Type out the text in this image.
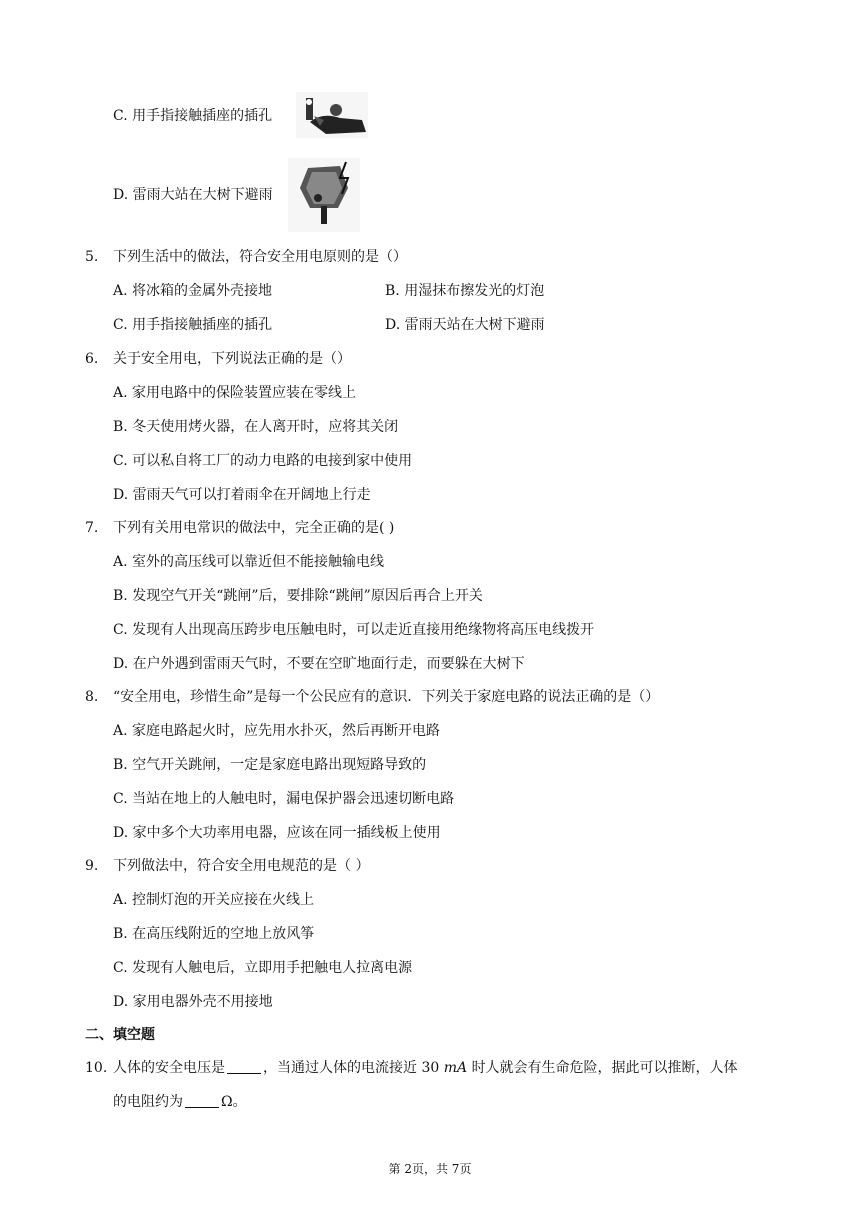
C. 用手指接触插座的插孔
D. 雷雨大站在大树下避雨
5. 下列生活中的做法，符合安全用电原则的是（）
A. 将冰箱的金属外壳接地	B. 用湿抹布擦发光的灯泡
C. 用手指接触插座的插孔	D. 雷雨天站在大树下避雨
6. 关于安全用电，下列说法正确的是（）
A. 家用电路中的保险装置应装在零线上
B. 冬天使用烤火器，在人离开时，应将其关闭
C. 可以私自将工厂的动力电路的电接到家中使用
D. 雷雨天气可以打着雨伞在开阔地上行走
7. 下列有关用电常识的做法中，完全正确的是( )
A. 室外的高压线可以靠近但不能接触输电线
B. 发现空气开关“跳闸”后，要排除“跳闸”原因后再合上开关
C. 发现有人出现高压跨步电压触电时，可以走近直接用绝缘物将高压电线拨开
D. 在户外遇到雷雨天气时，不要在空旷地面行走，而要躲在大树下
8. “安全用电，珍惜生命”是每一个公民应有的意识．下列关于家庭电路的说法正确的是（）
A. 家庭电路起火时，应先用水扑灭，然后再断开电路
B. 空气开关跳闸，一定是家庭电路出现短路导致的
C. 当站在地上的人触电时，漏电保护器会迅速切断电路
D. 家中多个大功率用电器，应该在同一插线板上使用
9. 下列做法中，符合安全用电规范的是（ ）
A. 控制灯泡的开关应接在火线上
B. 在高压线附近的空地上放风筝
C. 发现有人触电后，立即用手把触电人拉离电源
D. 家用电器外壳不用接地
二、填空题
10. 人体的安全电压是	，当通过人体的电流接近 30 mA 时人就会有生命危险，据此可以推断，人体
的电阻约为	Ω。
第 2页，共 7页
